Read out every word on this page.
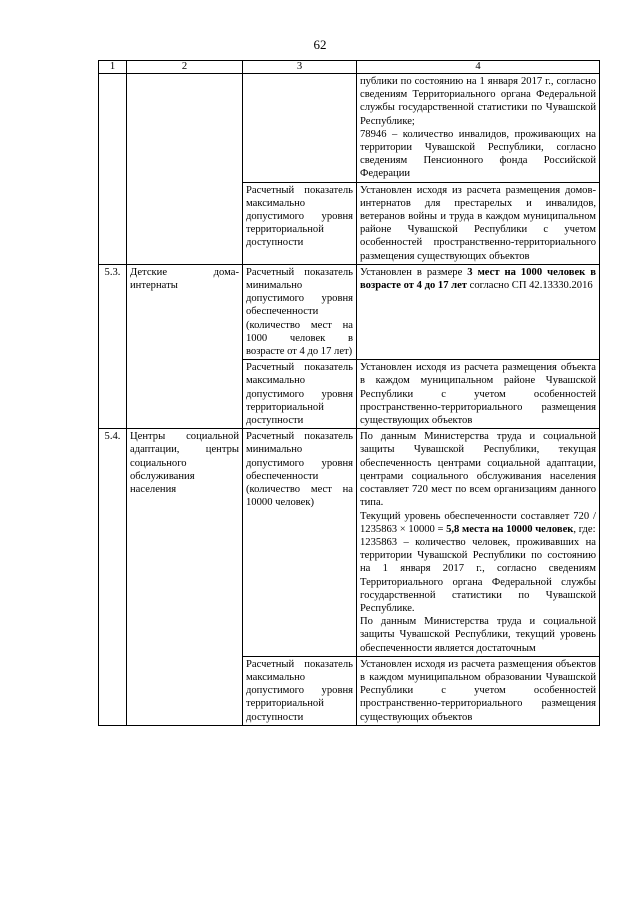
62
1	2	3	4

			публики по состоянию на 1 января 2017 г., согласно сведениям Территориального органа Федеральной службы государственной статистики по Чувашской Республике;
78946 – количество инвалидов, проживающих на территории Чувашской Республики, согласно сведениям Пенсионного фонда Российской Федерации

		Расчетный показатель максимально допустимого уровня территориальной доступности	Установлен исходя из расчета размещения домов-интернатов для престарелых и инвалидов, ветеранов войны и труда в каждом муниципальном районе Чувашской Республики с учетом особенностей пространственно-территориального размещения существующих объектов

5.3.	Детские дома-интернаты	Расчетный показатель минимально допустимого уровня обеспеченности (количество мест на 1000 человек в возрасте от 4 до 17 лет)	Установлен в размере 3 мест на 1000 человек в возрасте от 4 до 17 лет согласно СП 42.13330.2016

		Расчетный показатель максимально допустимого уровня территориальной доступности	Установлен исходя из расчета размещения объекта в каждом муниципальном районе Чувашской Республики с учетом особенностей пространственно-территориального размещения существующих объектов

5.4.	Центры социальной адаптации, центры социального обслуживания населения	Расчетный показатель минимально допустимого уровня обеспеченности (количество мест на 10000 человек)	По данным Министерства труда и социальной защиты Чувашской Республики, текущая обеспеченность центрами социальной адаптации, центрами социального обслуживания населения составляет 720 мест по всем организациям данного типа.
Текущий уровень обеспеченности составляет 720 / 1235863 × 10000 = 5,8 места на 10000 человек, где:
1235863 – количество человек, проживавших на территории Чувашской Республики по состоянию на 1 января 2017 г., согласно сведениям Территориального органа Федеральной службы государственной статистики по Чувашской Республике.
По данным Министерства труда и социальной защиты Чувашской Республики, текущий уровень обеспеченности является достаточным

		Расчетный показатель максимально допустимого уровня территориальной доступности	Установлен исходя из расчета размещения объектов в каждом муниципальном образовании Чувашской Республики с учетом особенностей пространственно-территориального размещения существующих объектов
